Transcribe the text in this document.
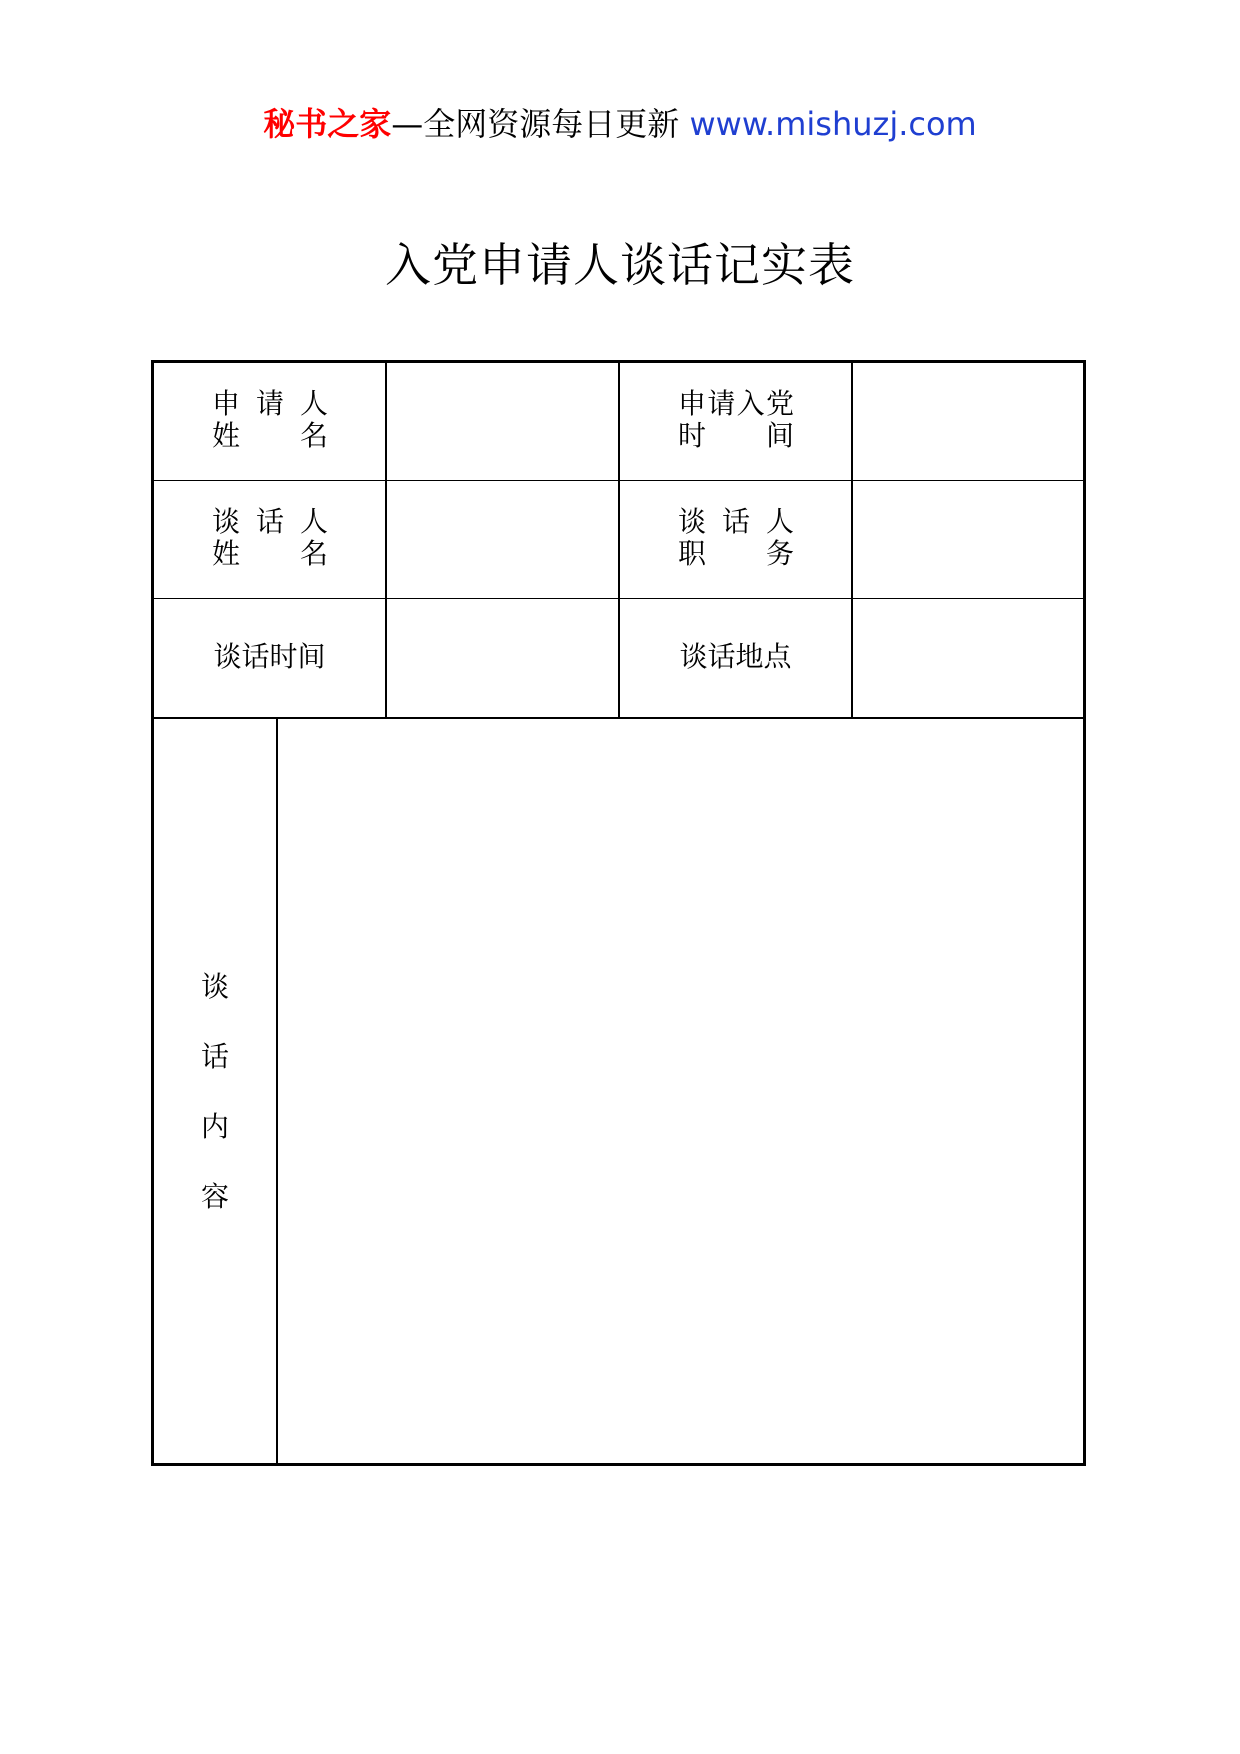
秘书之家—全网资源每日更新 www.mishuzj.com
入党申请人谈话记实表
申 请 人
姓 名
申 请 入 党
时 间
谈 话 人
姓 名
谈 话 人
职 务
谈话时间	谈话地点
谈
话
内
容
